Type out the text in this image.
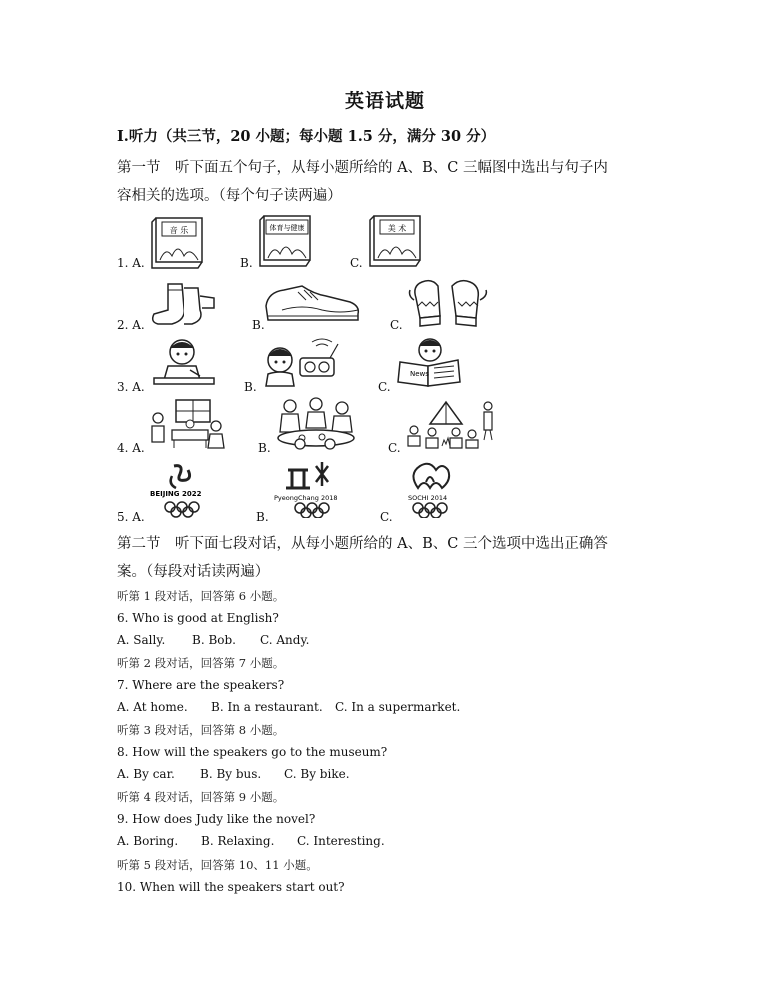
英语试题
I.听力（共三节，20 小题；每小题 1.5 分，满分 30 分）
第一节　听下面五个句子，从每小题所给的 A、B、C 三幅图中选出与句子内
容相关的选项。（每个句子读两遍）
1. A.
音 乐
B.
体育与健康
C.
美 术
2. A.	B.	C.
3. A.	B.	C.
News
4. A.	B.	C.
5. A.
BEIJING 2022
B.
PyeongChang 2018
C.
SOCHI 2014
第二节　听下面七段对话，从每小题所给的 A、B、C 三个选项中选出正确答
案。（每段对话读两遍）
听第 1 段对话，回答第 6 小题。
6. Who is good at English?
A. Sally. B. Bob. C. Andy.
听第 2 段对话，回答第 7 小题。
7. Where are the speakers?
A. At home. B. In a restaurant. C. In a supermarket.
听第 3 段对话，回答第 8 小题。
8. How will the speakers go to the museum?
A. By car. B. By bus. C. By bike.
听第 4 段对话，回答第 9 小题。
9. How does Judy like the novel?
A. Boring. B. Relaxing. C. Interesting.
听第 5 段对话，回答第 10、11 小题。
10. When will the speakers start out?
